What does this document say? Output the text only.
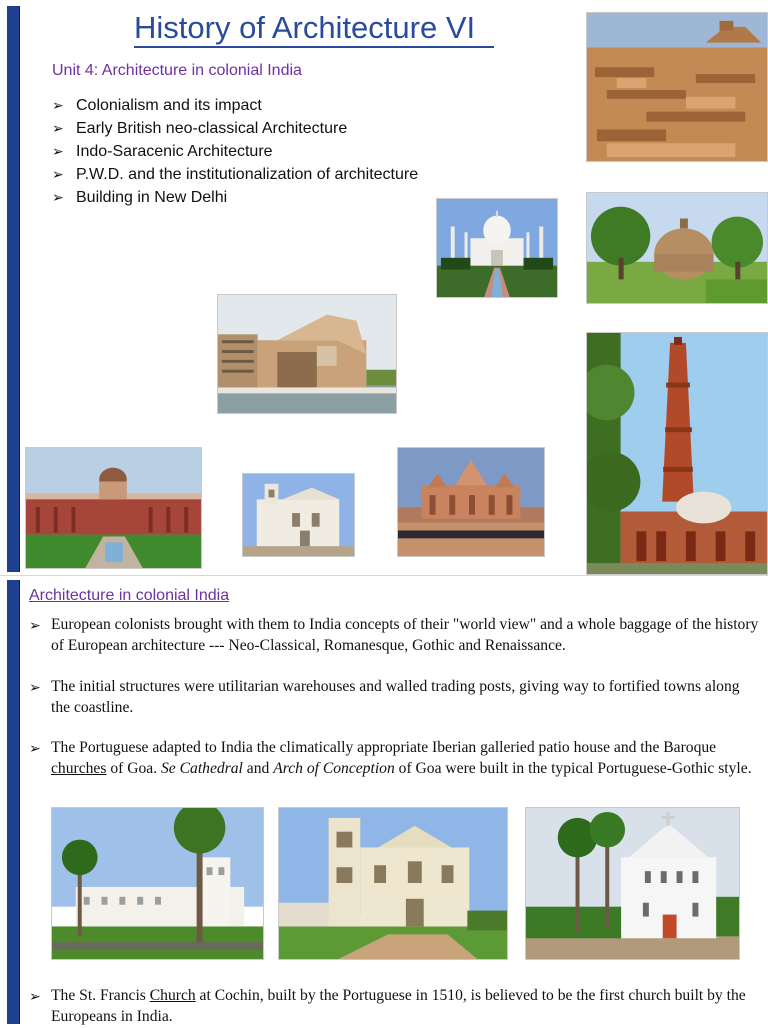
History of Architecture VI
Unit 4: Architecture in colonial India
➢ Colonialism and its impact
➢ Early British neo-classical Architecture
➢ Indo-Saracenic Architecture
➢ P.W.D. and the institutionalization of architecture
➢ Building in New Delhi
Architecture in colonial India

➢ European colonists brought with them to India concepts of their "world view" and a whole baggage of the history of European architecture --- Neo-Classical, Romanesque, Gothic and Renaissance.

➢ The initial structures were utilitarian warehouses and walled trading posts, giving way to fortified towns along the coastline.

➢ The Portuguese adapted to India the climatically appropriate Iberian galleried patio house and the Baroque churches of Goa. Se Cathedral and Arch of Conception of Goa were built in the typical Portuguese-Gothic style.

➢ The St. Francis Church at Cochin, built by the Portuguese in 1510, is believed to be the first church built by the Europeans in India.
